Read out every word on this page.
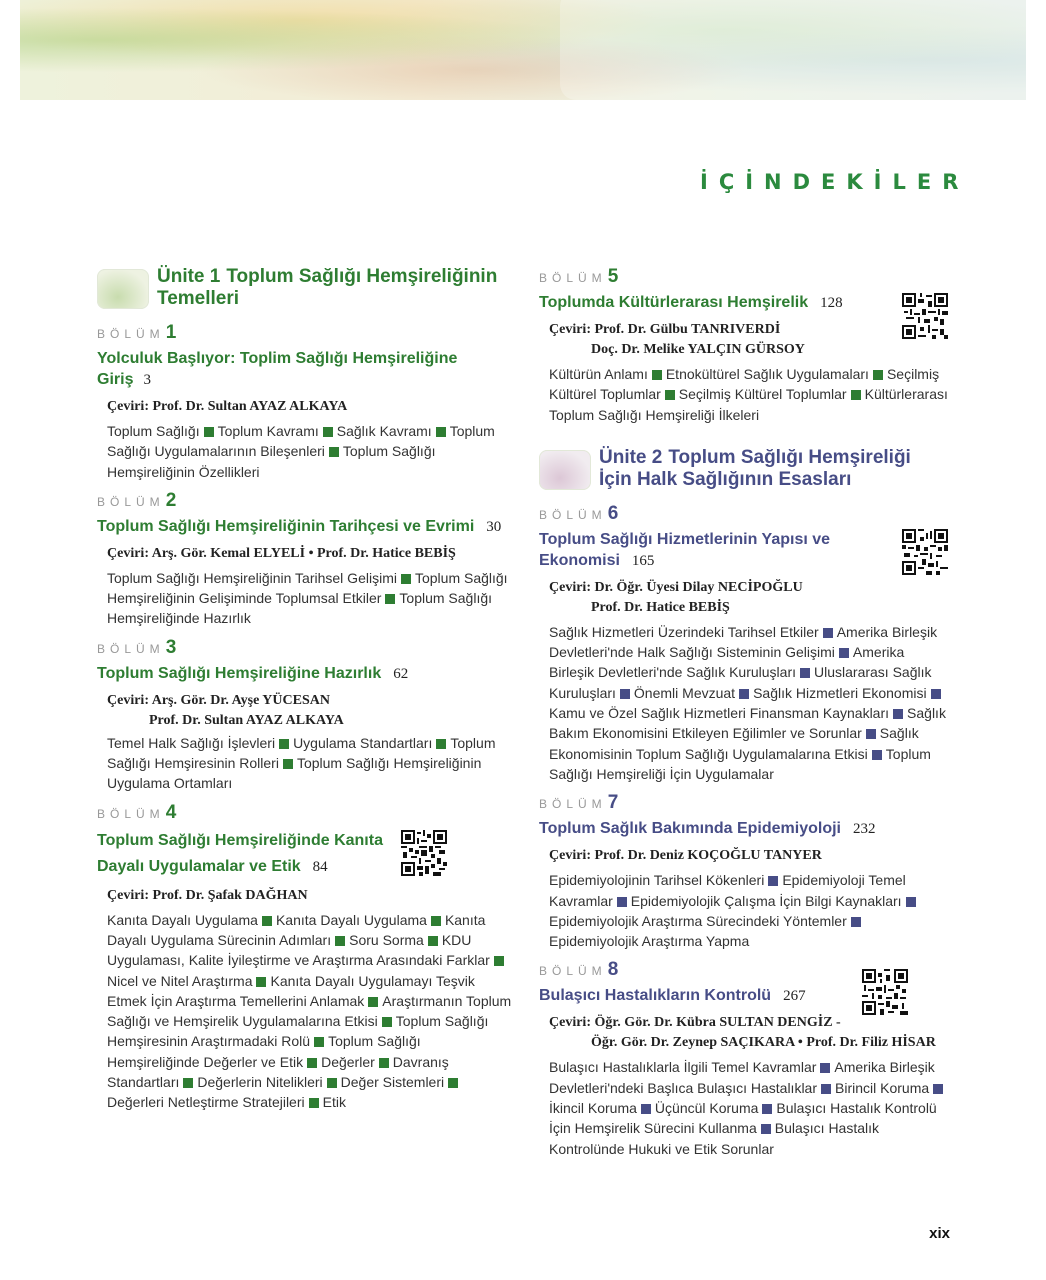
İÇİNDEKİLER
Ünite 1 Toplum Sağlığı Hemşireliğinin
Temelleri
BÖLÜM 1
Yolculuk Başlıyor: Toplim Sağlığı Hemşireliğine
Giriş 3
Çeviri: Prof. Dr. Sultan AYAZ ALKAYA
Toplum Sağlığı Toplum Kavramı Sağlık Kavramı Toplum Sağlığı Uygulamalarının Bileşenleri Toplum Sağlığı Hemşireliğinin Özellikleri
BÖLÜM 2
Toplum Sağlığı Hemşireliğinin Tarihçesi ve Evrimi 30
Çeviri: Arş. Gör. Kemal ELYELİ • Prof. Dr. Hatice BEBİŞ
Toplum Sağlığı Hemşireliğinin Tarihsel Gelişimi Toplum Sağlığı Hemşireliğinin Gelişiminde Toplumsal Etkiler Toplum Sağlığı Hemşireliğinde Hazırlık
BÖLÜM 3
Toplum Sağlığı Hemşireliğine Hazırlık 62
Çeviri: Arş. Gör. Dr. Ayşe YÜCESAN
Prof. Dr. Sultan AYAZ ALKAYA
Temel Halk Sağlığı İşlevleri Uygulama Standartları Toplum Sağlığı Hemşiresinin Rolleri Toplum Sağlığı Hemşireliğinin Uygulama Ortamları
BÖLÜM 4
Toplum Sağlığı Hemşireliğinde Kanıta
Dayalı Uygulamalar ve Etik 84
Çeviri: Prof. Dr. Şafak DAĞHAN
Kanıta Dayalı Uygulama Kanıta Dayalı Uygulama Kanıta Dayalı Uygulama Sürecinin Adımları Soru Sorma KDU Uygulaması, Kalite İyileştirme ve Araştırma Arasındaki FarklarNicel ve Nitel Araştırma Kanıta Dayalı Uygulamayı Teşvik Etmek İçin Araştırma Temellerini Anlamak Araştırmanın Toplum Sağlığı ve Hemşirelik Uygulamalarına Etkisi Toplum Sağlığı Hemşiresinin Araştırmadaki Rolü Toplum Sağlığı Hemşireliğinde Değerler ve Etik Değerler Davranış Standartları Değerlerin Nitelikleri Değer SistemleriDeğerleri Netleştirme Stratejileri Etik
BÖLÜM 5
Toplumda Kültürlerarası Hemşirelik 128
Çeviri: Prof. Dr. Gülbu TANRIVERDİ
Doç. Dr. Melike YALÇIN GÜRSOY
Kültürün Anlamı Etnokültürel Sağlık Uygulamaları Seçilmiş Kültürel Toplumlar Seçilmiş Kültürel Toplumlar Kültürlerarası Toplum Sağlığı Hemşireliği İlkeleri
Ünite 2 Toplum Sağlığı Hemşireliği
İçin Halk Sağlığının Esasları
BÖLÜM 6
Toplum Sağlığı Hizmetlerinin Yapısı ve
Ekonomisi 165
Çeviri: Dr. Öğr. Üyesi Dilay NECİPOĞLU
Prof. Dr. Hatice BEBİŞ
Sağlık Hizmetleri Üzerindeki Tarihsel Etkiler Amerika Birleşik Devletleri'nde Halk Sağlığı Sisteminin Gelişimi Amerika Birleşik Devletleri'nde Sağlık Kuruluşları Uluslararası Sağlık Kuruluşları Önemli Mevzuat Sağlık Hizmetleri EkonomisiKamu ve Özel Sağlık Hizmetleri Finansman Kaynakları Sağlık Bakım Ekonomisini Etkileyen Eğilimler ve Sorunlar Sağlık Ekonomisinin Toplum Sağlığı Uygulamalarına Etkisi Toplum Sağlığı Hemşireliği İçin Uygulamalar
BÖLÜM 7
Toplum Sağlık Bakımında Epidemiyoloji 232
Çeviri: Prof. Dr. Deniz KOÇOĞLU TANYER
Epidemiyolojinin Tarihsel Kökenleri Epidemiyoloji Temel Kavramlar Epidemiyolojik Çalışma İçin Bilgi KaynaklarıEpidemiyolojik Araştırma Sürecindeki YöntemlerEpidemiyolojik Araştırma Yapma
BÖLÜM 8
Bulaşıcı Hastalıkların Kontrolü 267
Çeviri: Öğr. Gör. Dr. Kübra SULTAN DENGİZ -
Öğr. Gör. Dr. Zeynep SAÇIKARA • Prof. Dr. Filiz HİSAR
Bulaşıcı Hastalıklarla İlgili Temel Kavramlar Amerika Birleşik Devletleri'ndeki Başlıca Bulaşıcı Hastalıklar Birincil Korumaİkincil Koruma Üçüncül Koruma Bulaşıcı Hastalık Kontrolü İçin Hemşirelik Sürecini Kullanma Bulaşıcı Hastalık Kontrolünde Hukuki ve Etik Sorunlar
xix
